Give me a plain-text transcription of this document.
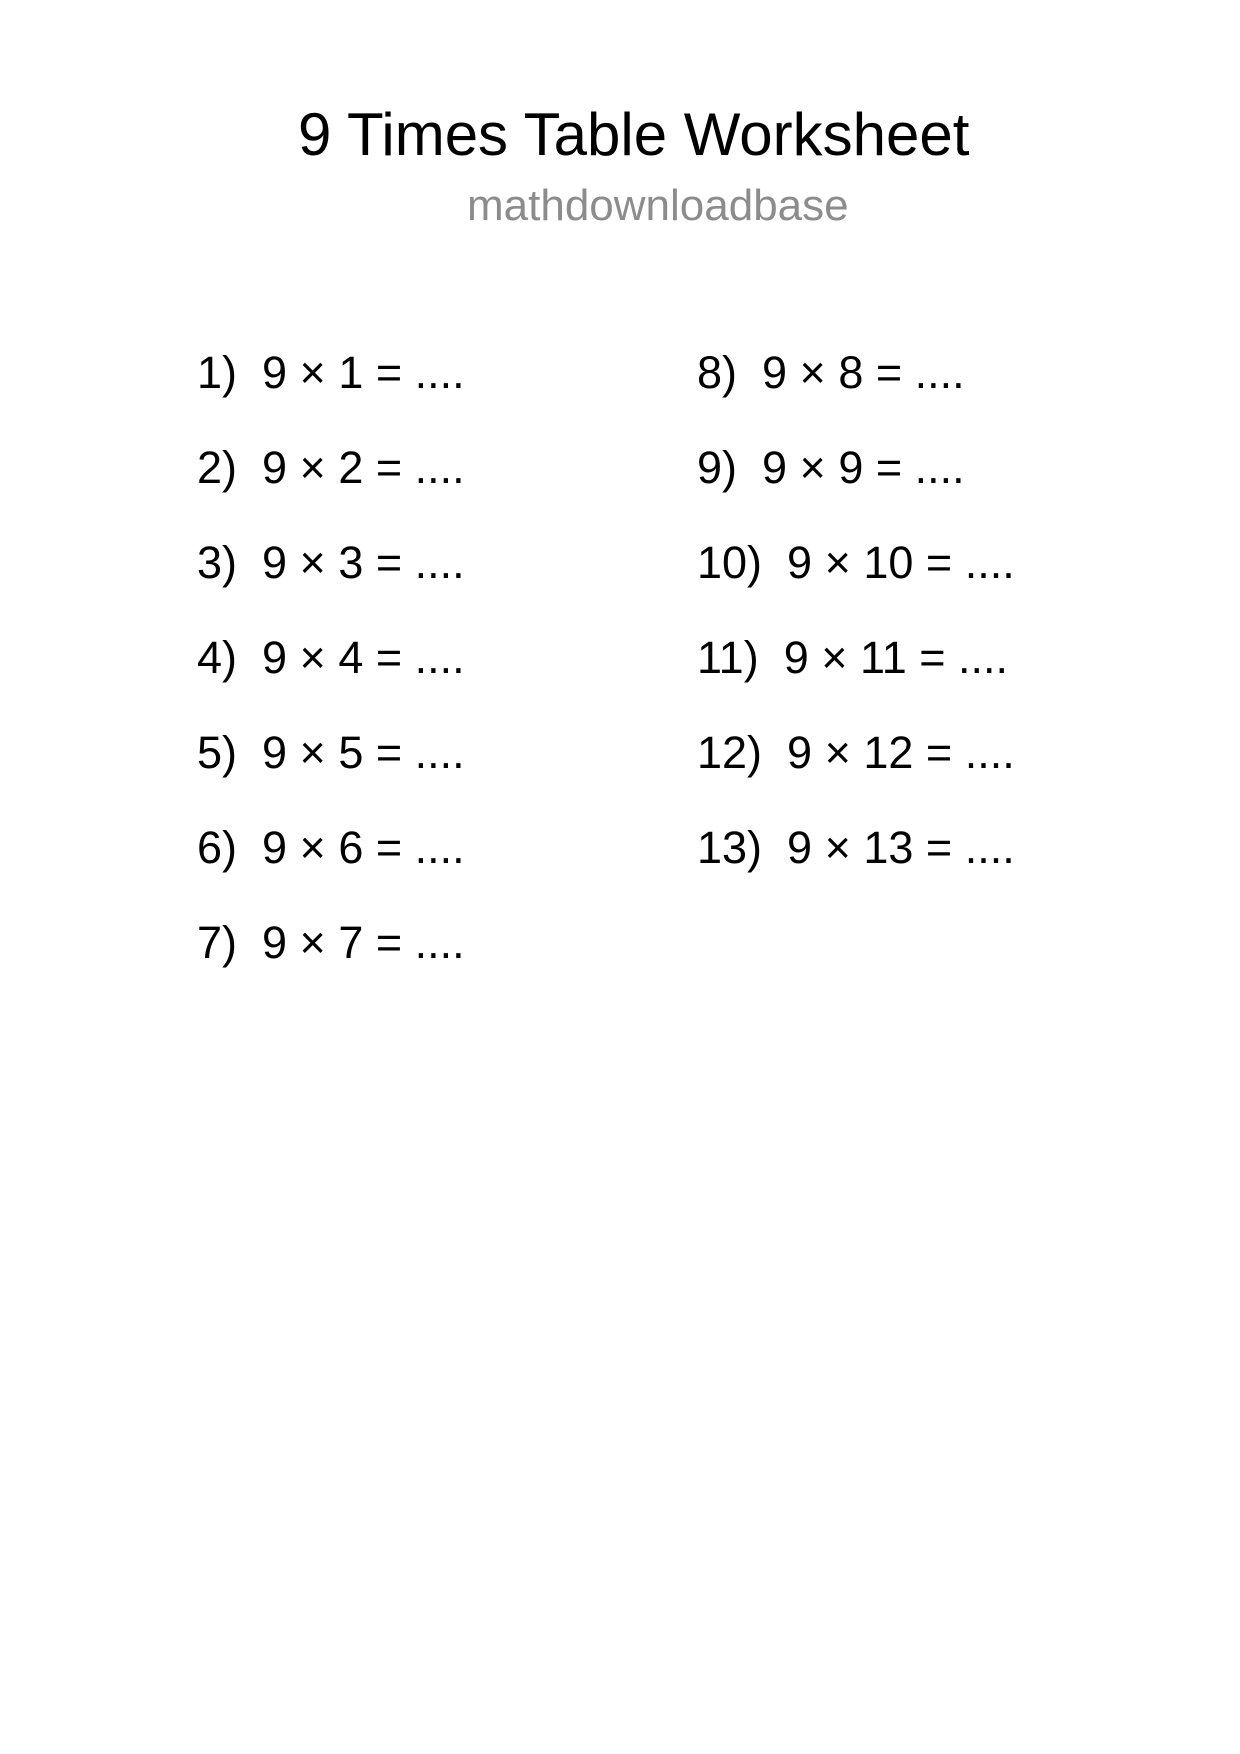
9 Times Table Worksheet
mathdownloadbase
1) 9 × 1 = ....
2) 9 × 2 = ....
3) 9 × 3 = ....
4) 9 × 4 = ....
5) 9 × 5 = ....
6) 9 × 6 = ....
7) 9 × 7 = ....
8) 9 × 8 = ....
9) 9 × 9 = ....
10) 9 × 10 = ....
11) 9 × 11 = ....
12) 9 × 12 = ....
13) 9 × 13 = ....
